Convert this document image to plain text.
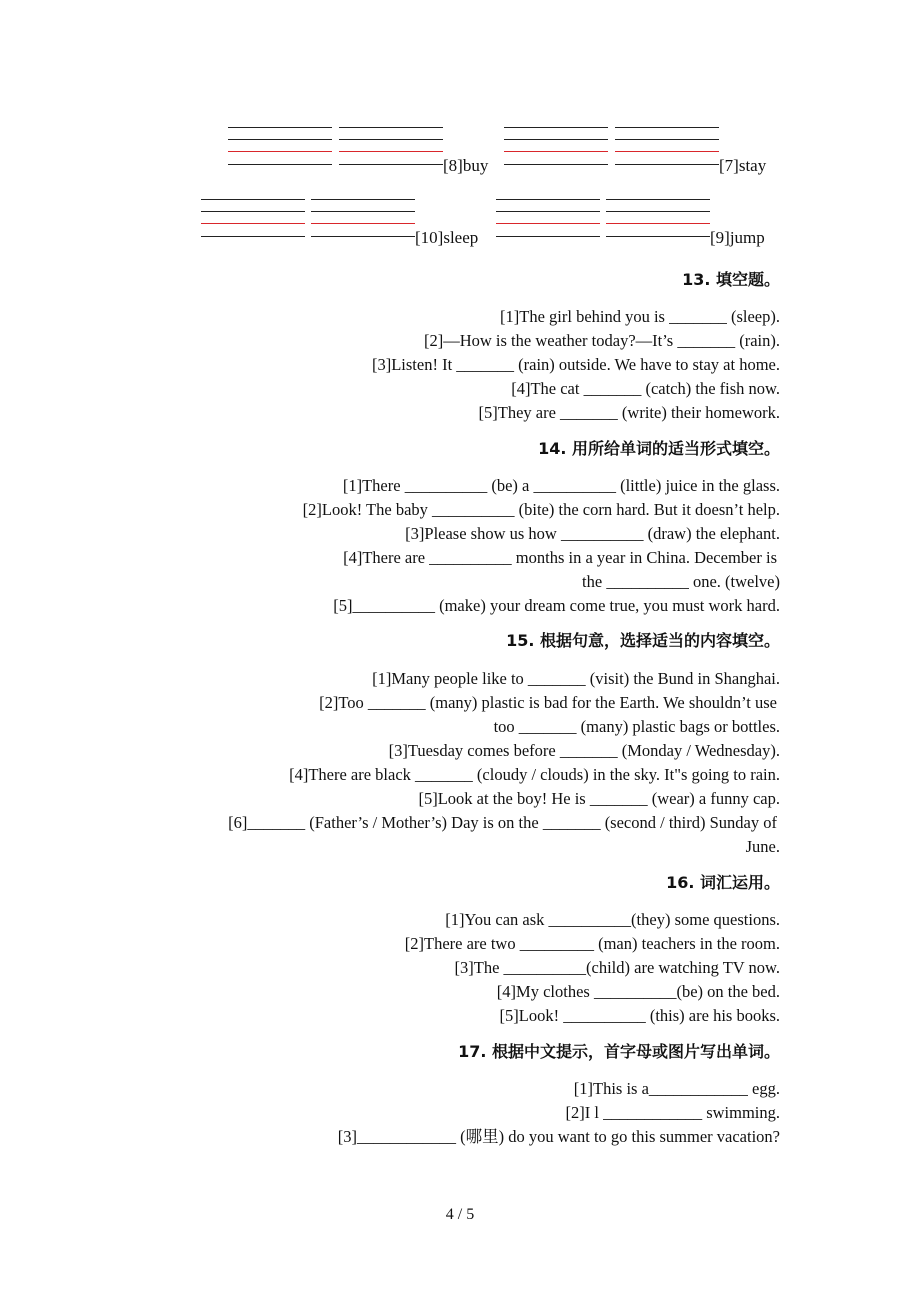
[8]buy	[7]stay
[10]sleep	[9]jump
13. 填空题。
[1]The girl behind you is _______ (sleep).
[2]—How is the weather today?—It’s _______ (rain).
[3]Listen! It _______ (rain) outside. We have to stay at home.
[4]The cat _______ (catch) the fish now.
[5]They are _______ (write) their homework.
14. 用所给单词的适当形式填空。
[1]There __________ (be) a __________ (little) juice in the glass.
[2]Look! The baby __________ (bite) the corn hard. But it doesn’t help.
[3]Please show us how __________ (draw) the elephant.
[4]There are __________ months in a year in China. December is
the __________ one. (twelve)
[5]__________ (make) your dream come true, you must work hard.
15. 根据句意，选择适当的内容填空。
[1]Many people like to _______ (visit) the Bund in Shanghai.
[2]Too _______ (many) plastic is bad for the Earth. We shouldn’t use
too _______ (many) plastic bags or bottles.
[3]Tuesday comes before _______ (Monday / Wednesday).
[4]There are black _______ (cloudy / clouds) in the sky. It"s going to rain.
[5]Look at the boy! He is _______ (wear) a funny cap.
[6]_______ (Father’s / Mother’s) Day is on the _______ (second / third) Sunday of
June.
16. 词汇运用。
[1]You can ask __________(they) some questions.
[2]There are two _________ (man) teachers in the room.
[3]The __________(child) are watching TV now.
[4]My clothes __________(be) on the bed.
[5]Look! __________ (this) are his books.
17. 根据中文提示，首字母或图片写出单词。
[1]This is a____________ egg.
[2]I l ____________ swimming.
[3]____________ (哪里) do you want to go this summer vacation?
4 / 5
